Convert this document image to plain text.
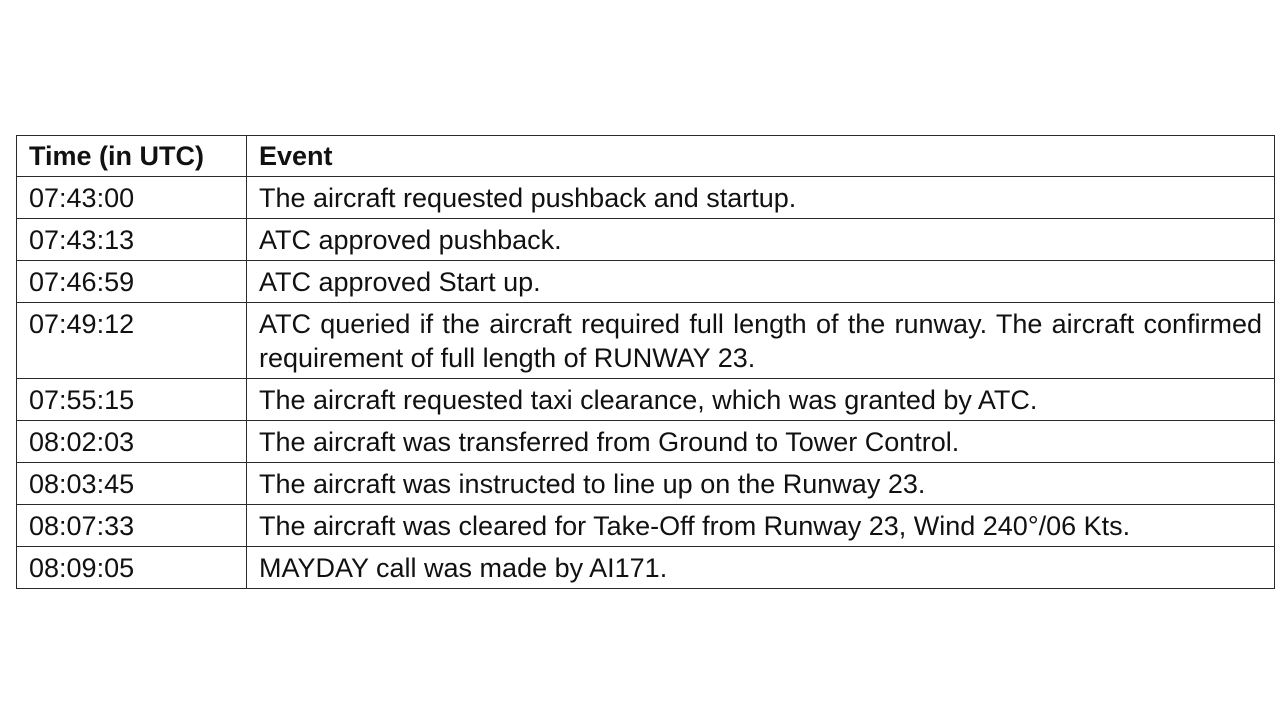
Time (in UTC)	Event
07:43:00	The aircraft requested pushback and startup.
07:43:13	ATC approved pushback.
07:46:59	ATC approved Start up.
07:49:12	ATC queried if the aircraft required full length of the runway. The aircraft confirmed requirement of full length of RUNWAY 23.
07:55:15	The aircraft requested taxi clearance, which was granted by ATC.
08:02:03	The aircraft was transferred from Ground to Tower Control.
08:03:45	The aircraft was instructed to line up on the Runway 23.
08:07:33	The aircraft was cleared for Take-Off from Runway 23, Wind 240°/06 Kts.
08:09:05	MAYDAY call was made by AI171.
